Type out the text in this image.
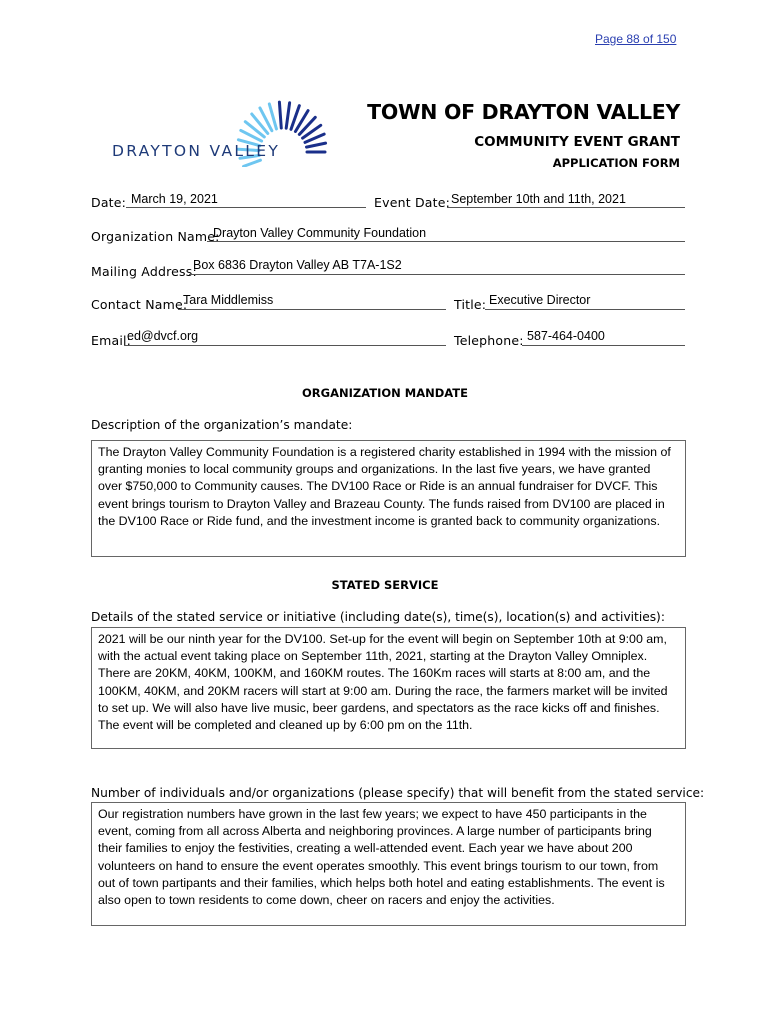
Page 88 of 150
DRAYTON VALLEY
TOWN OF DRAYTON VALLEY
COMMUNITY EVENT GRANT
APPLICATION FORM
Date: March 19, 2021	Event Date: September 10th and 11th, 2021
Organization Name:
Drayton Valley Community Foundation
Mailing Address:
Box 6836 Drayton Valley AB T7A-1S2
Contact Name:
Tara Middlemiss	Title: Executive Director
Email:
ed@dvcf.org	Telephone: 587-464-0400
ORGANIZATION MANDATE
Description of the organization’s mandate:
The Drayton Valley Community Foundation is a registered charity established in 1994 with the mission of
granting monies to local community groups and organizations. In the last five years, we have granted
over $750,000 to Community causes. The DV100 Race or Ride is an annual fundraiser for DVCF. This
event brings tourism to Drayton Valley and Brazeau County. The funds raised from DV100 are placed in
the DV100 Race or Ride fund, and the investment income is granted back to community organizations.
STATED SERVICE
Details of the stated service or initiative (including date(s), time(s), location(s) and activities):
2021 will be our ninth year for the DV100. Set-up for the event will begin on September 10th at 9:00 am,
with the actual event taking place on September 11th, 2021, starting at the Drayton Valley Omniplex.
There are 20KM, 40KM, 100KM, and 160KM routes. The 160Km races will starts at 8:00 am, and the
100KM, 40KM, and 20KM racers will start at 9:00 am. During the race, the farmers market will be invited
to set up. We will also have live music, beer gardens, and spectators as the race kicks off and finishes.
The event will be completed and cleaned up by 6:00 pm on the 11th.
Number of individuals and/or organizations (please specify) that will benefit from the stated service:
Our registration numbers have grown in the last few years; we expect to have 450 participants in the
event, coming from all across Alberta and neighboring provinces. A large number of participants bring
their families to enjoy the festivities, creating a well-attended event. Each year we have about 200
volunteers on hand to ensure the event operates smoothly. This event brings tourism to our town, from
out of town partipants and their families, which helps both hotel and eating establishments. The event is
also open to town residents to come down, cheer on racers and enjoy the activities.
